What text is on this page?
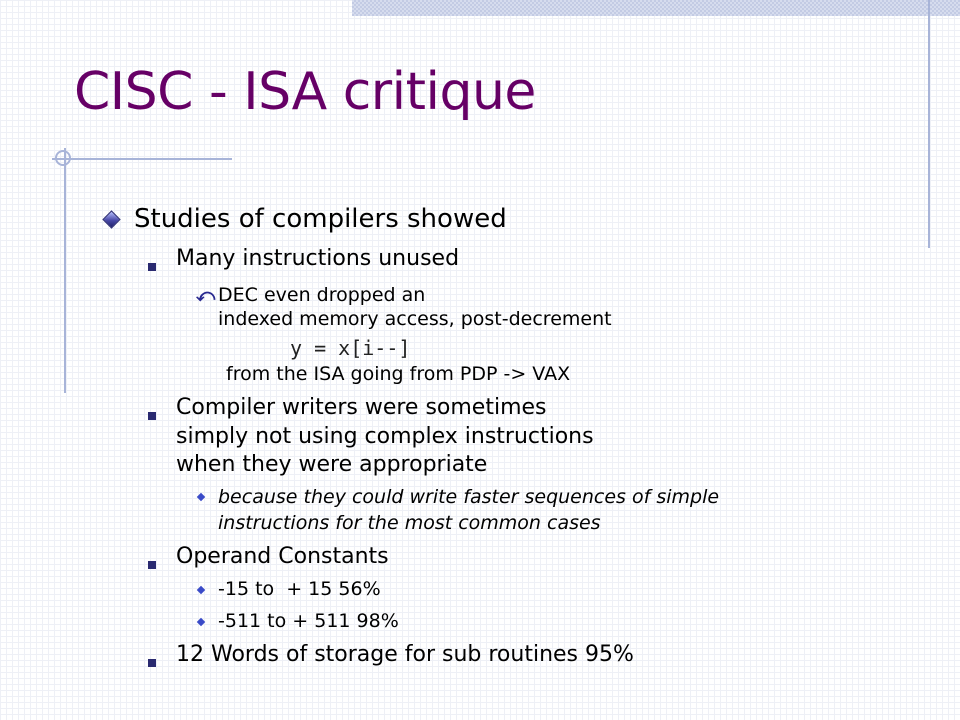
CISC - ISA critique
Studies of compilers showed
Many instructions unused
⤺ DEC even dropped an
indexed memory access, post-decrement
y = x[i--]
from the ISA going from PDP -> VAX
Compiler writers were sometimes
simply not using complex instructions
when they were appropriate
because they could write faster sequences of simple
instructions for the most common cases
Operand Constants
-15 to  + 15 56%
-511 to + 511 98%
12 Words of storage for sub routines 95%
